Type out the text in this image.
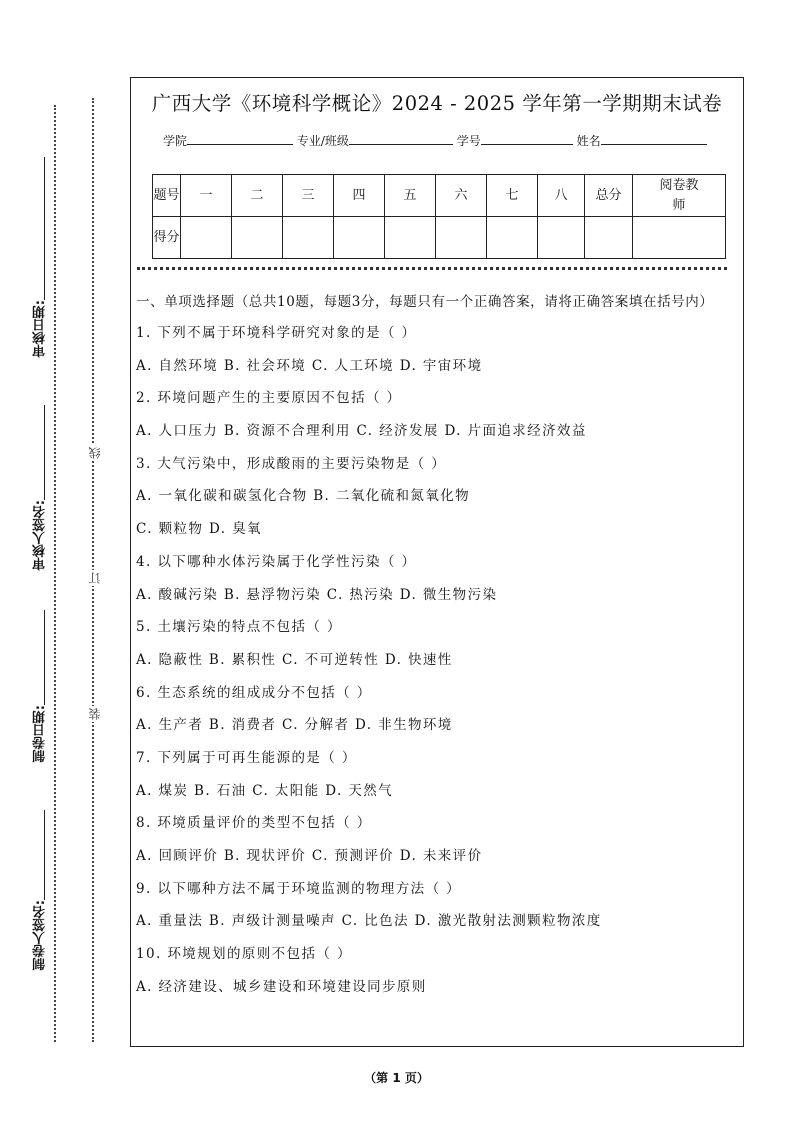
审核日期:
审核人签名:
制卷日期:
制卷人签名:
线
订
装
广西大学《环境科学概论》2024 - 2025 学年第一学期期末试卷
学院	专业/班级	学号	姓名
题号	一	二	三	四	五	六	七	八	总分	阅卷教师
得分										
一、单项选择题（总共10题，每题3分，每题只有一个正确答案，请将正确答案填在括号内）
1. 下列不属于环境科学研究对象的是（ ）
A. 自然环境 B. 社会环境 C. 人工环境 D. 宇宙环境
2. 环境问题产生的主要原因不包括（ ）
A. 人口压力 B. 资源不合理利用 C. 经济发展 D. 片面追求经济效益
3. 大气污染中，形成酸雨的主要污染物是（ ）
A. 一氧化碳和碳氢化合物 B. 二氧化硫和氮氧化物
C. 颗粒物 D. 臭氧
4. 以下哪种水体污染属于化学性污染（ ）
A. 酸碱污染 B. 悬浮物污染 C. 热污染 D. 微生物污染
5. 土壤污染的特点不包括（ ）
A. 隐蔽性 B. 累积性 C. 不可逆转性 D. 快速性
6. 生态系统的组成成分不包括（ ）
A. 生产者 B. 消费者 C. 分解者 D. 非生物环境
7. 下列属于可再生能源的是（ ）
A. 煤炭 B. 石油 C. 太阳能 D. 天然气
8. 环境质量评价的类型不包括（ ）
A. 回顾评价 B. 现状评价 C. 预测评价 D. 未来评价
9. 以下哪种方法不属于环境监测的物理方法（ ）
A. 重量法 B. 声级计测量噪声 C. 比色法 D. 激光散射法测颗粒物浓度
10. 环境规划的原则不包括（ ）
A. 经济建设、城乡建设和环境建设同步原则
（第 1 页）
